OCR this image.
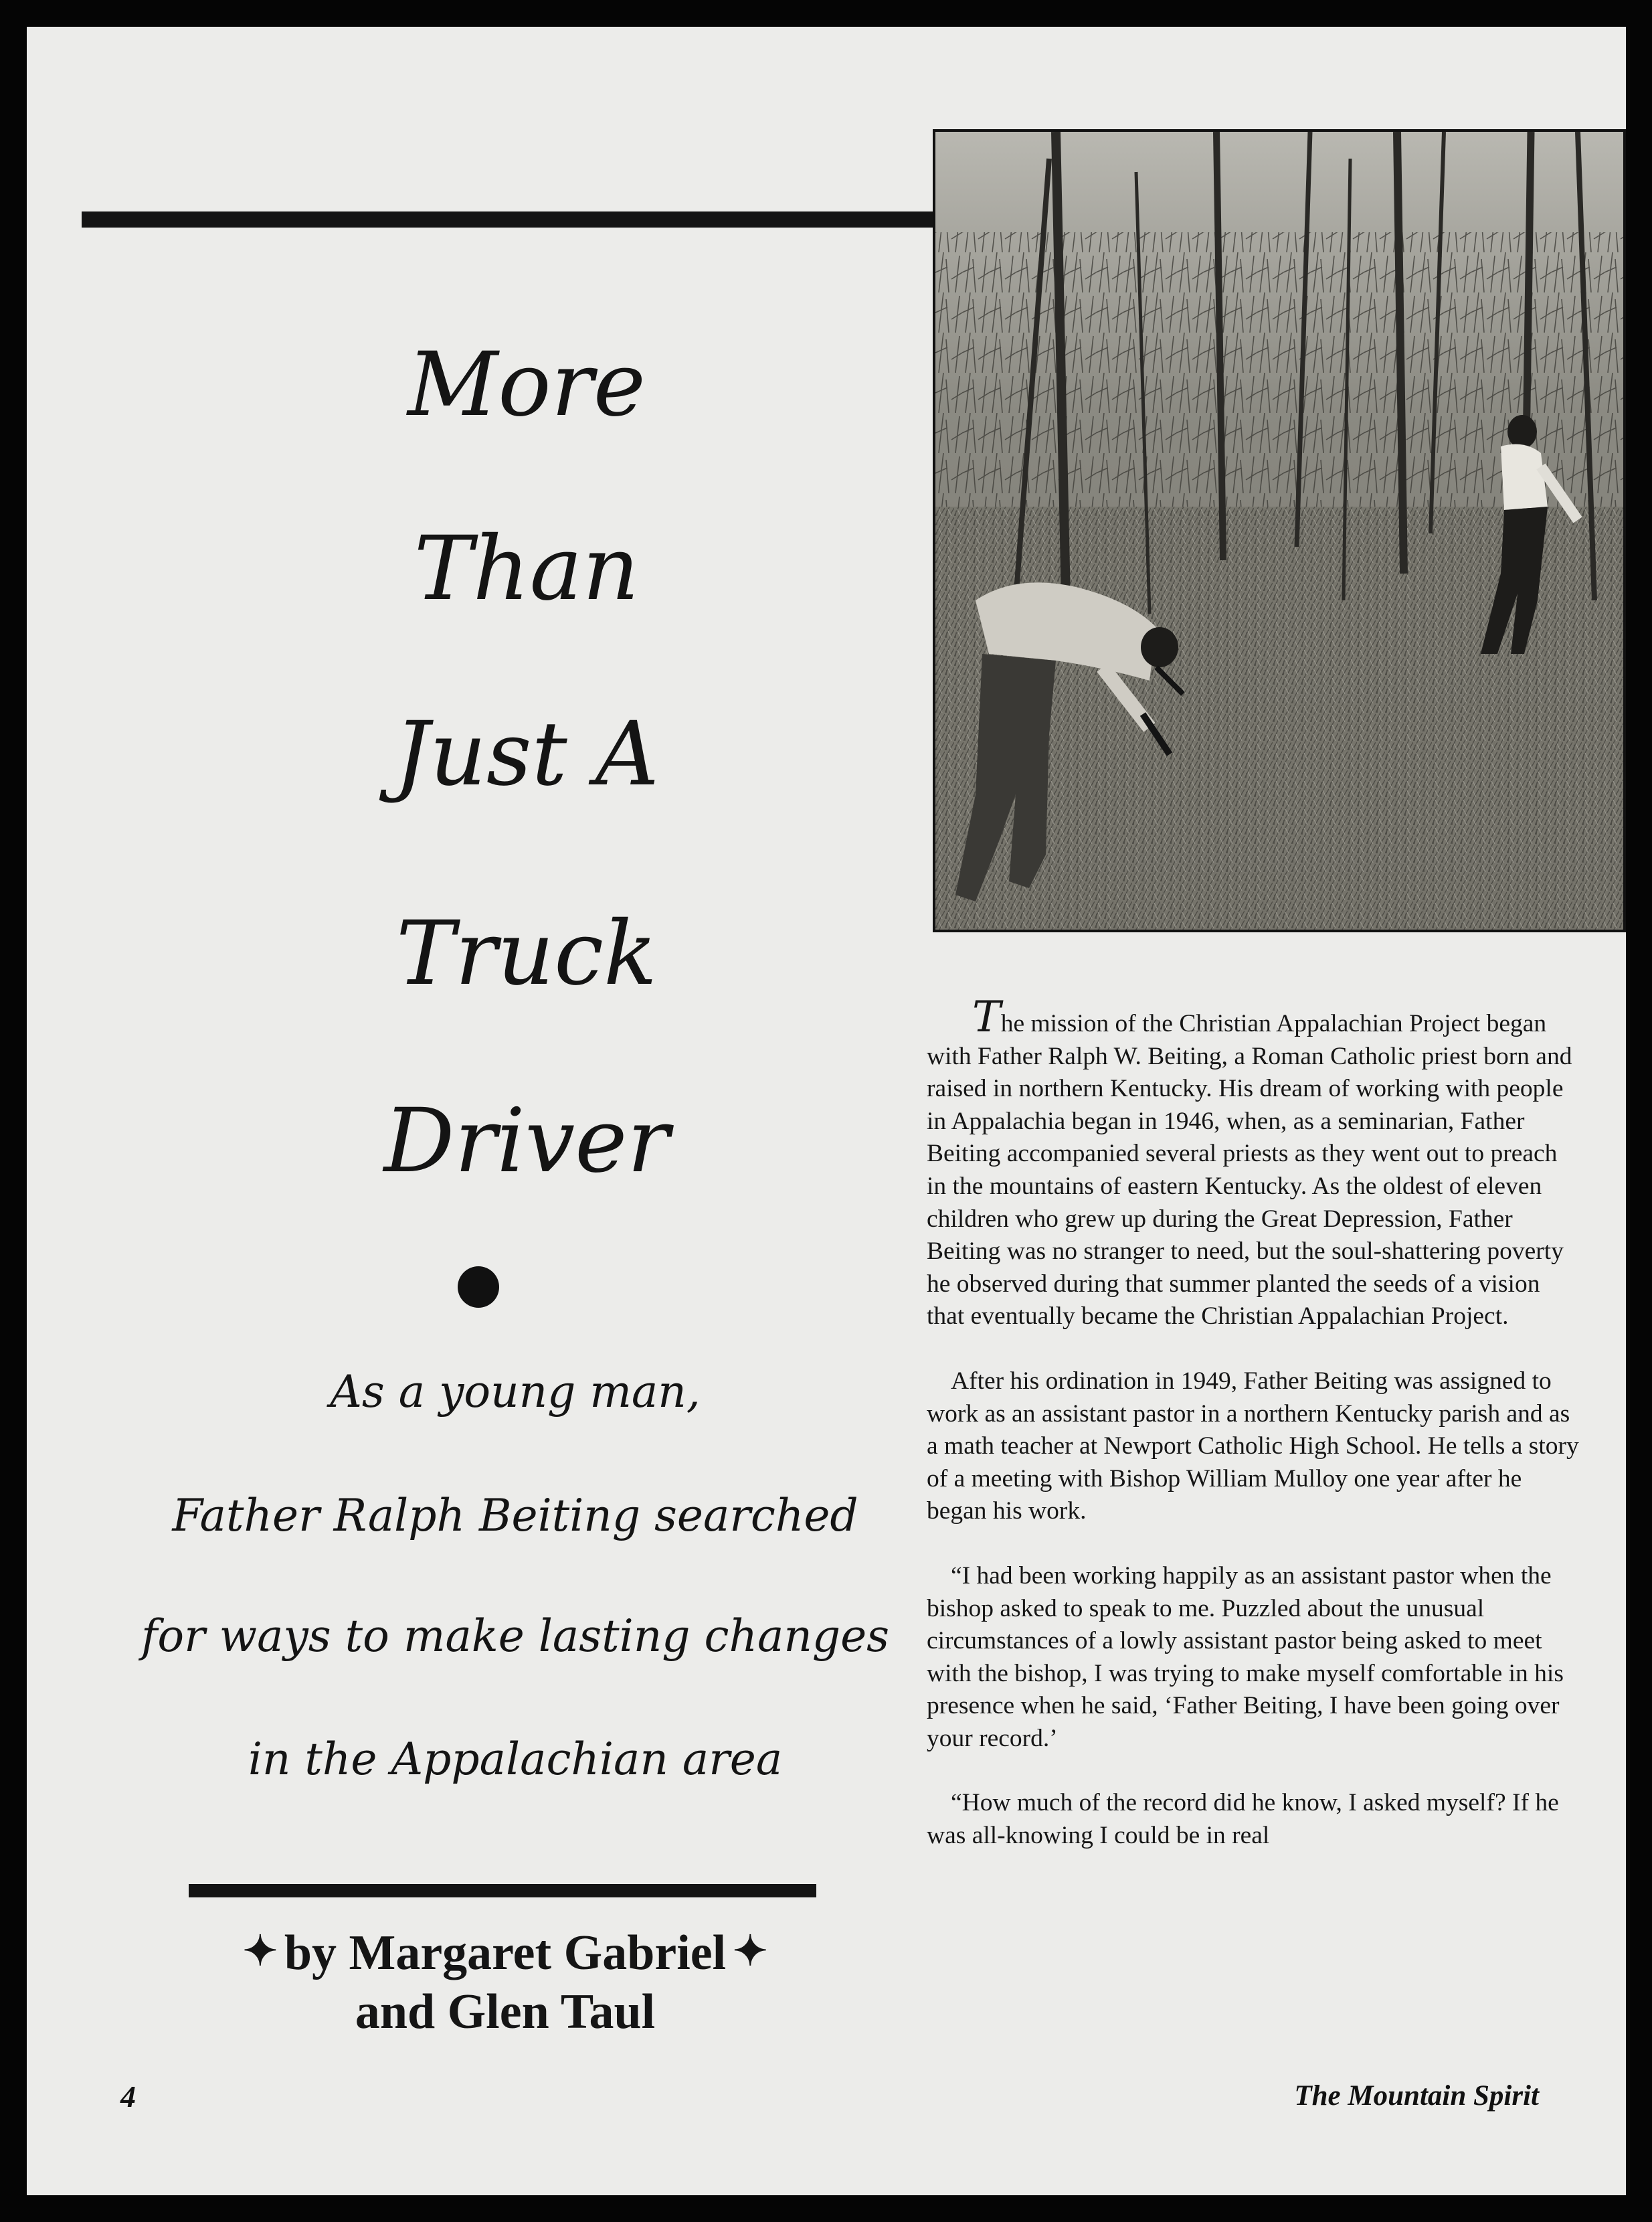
More
Than
Just A
Truck
Driver
As a young man,
Father Ralph Beiting searched
for ways to make lasting changes
in the Appalachian area
✦ by Margaret Gabriel ✦
and Glen Taul

The mission of the Christian Appalachian Project began with Father Ralph W. Beiting, a Roman Catholic priest born and raised in northern Kentucky. His dream of working with people in Appalachia began in 1946, when, as a seminarian, Father Beiting accompanied several priests as they went out to preach in the mountains of eastern Kentucky. As the oldest of eleven children who grew up during the Great Depression, Father Beiting was no stranger to need, but the soul-shattering poverty he observed during that summer planted the seeds of a vision that eventually became the Christian Appalachian Project.

After his ordination in 1949, Father Beiting was assigned to work as an assistant pastor in a northern Kentucky parish and as a math teacher at Newport Catholic High School. He tells a story of a meeting with Bishop William Mulloy one year after he began his work.

“I had been working happily as an assistant pastor when the bishop asked to speak to me. Puzzled about the unusual circumstances of a lowly assistant pastor being asked to meet with the bishop, I was trying to make myself comfortable in his presence when he said, ‘Father Beiting, I have been going over your record.’

“How much of the record did he know, I asked myself? If he was all-knowing I could be in real

4	The Mountain Spirit
